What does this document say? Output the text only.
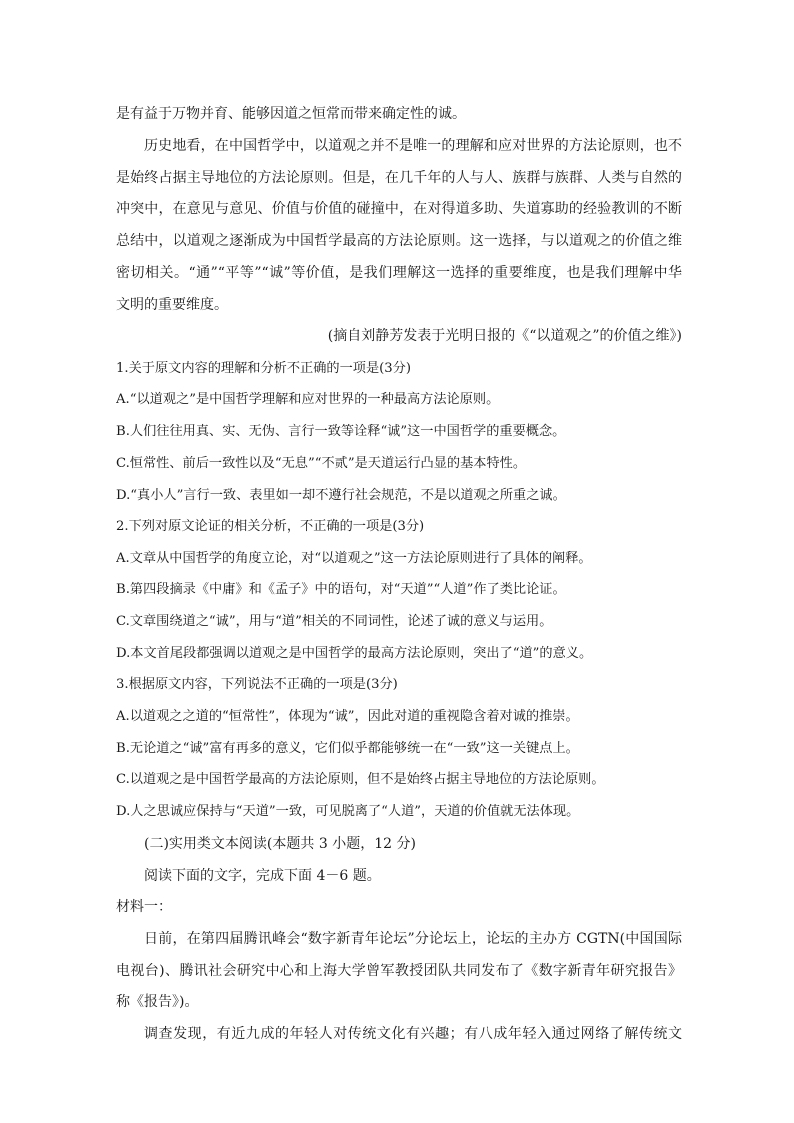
是有益于万物并育、能够因道之恒常而带来确定性的诚。
历史地看，在中国哲学中，以道观之并不是唯一的理解和应对世界的方法论原则，也不
是始终占据主导地位的方法论原则。但是，在几千年的人与人、族群与族群、人类与自然的
冲突中，在意见与意见、价值与价值的碰撞中，在对得道多助、失道寡助的经验教训的不断
总结中，以道观之逐渐成为中国哲学最高的方法论原则。这一选择，与以道观之的价值之维
密切相关。“通”“平等”“诚”等价值，是我们理解这一选择的重要维度，也是我们理解中华
文明的重要维度。
(摘自刘静芳发表于光明日报的《“以道观之”的价值之维》)
1.关于原文内容的理解和分析不正确的一项是(3分)
A.“以道观之”是中国哲学理解和应对世界的一种最高方法论原则。
B.人们往往用真、实、无伪、言行一致等诠释“诚”这一中国哲学的重要概念。
C.恒常性、前后一致性以及“无息”“不贰”是天道运行凸显的基本特性。
D.“真小人”言行一致、表里如一却不遵行社会规范，不是以道观之所重之诚。
2.下列对原文论证的相关分析，不正确的一项是(3分)
A.文章从中国哲学的角度立论，对“以道观之”这一方法论原则进行了具体的阐释。
B.第四段摘录《中庸》和《孟子》中的语句，对“天道”“人道”作了类比论证。
C.文章围绕道之“诚”，用与“道”相关的不同词性，论述了诚的意义与运用。
D.本文首尾段都强调以道观之是中国哲学的最高方法论原则，突出了“道”的意义。
3.根据原文内容，下列说法不正确的一项是(3分)
A.以道观之之道的“恒常性”，体现为“诚”，因此对道的重视隐含着对诚的推崇。
B.无论道之“诚”富有再多的意义，它们似乎都能够统一在“一致”这一关键点上。
C.以道观之是中国哲学最高的方法论原则，但不是始终占据主导地位的方法论原则。
D.人之思诚应保持与“天道”一致，可见脱离了“人道”，天道的价值就无法体现。
(二)实用类文本阅读(本题共 3 小题，12 分)
阅读下面的文字，完成下面 4－6 题。
材料一：
日前，在第四届腾讯峰会“数字新青年论坛”分论坛上，论坛的主办方 CGTN(中国国际
电视台)、腾讯社会研究中心和上海大学曾军教授团队共同发布了《数字新青年研究报告》
称《报告》)。
调查发现，有近九成的年轻人对传统文化有兴趣；有八成年轻入通过网络了解传统文
